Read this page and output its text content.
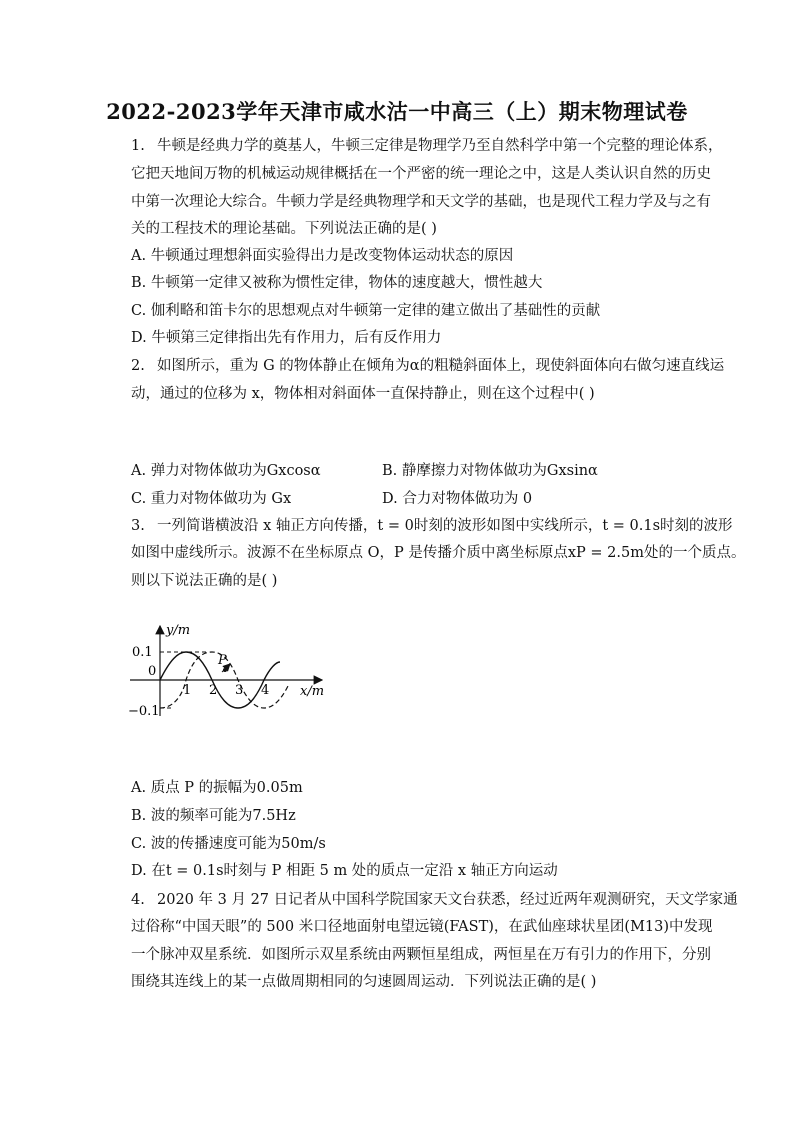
2022-2023学年天津市咸水沽一中高三（上）期末物理试卷
1. 牛顿是经典力学的奠基人，牛顿三定律是物理学乃至自然科学中第一个完整的理论体系，
它把天地间万物的机械运动规律概括在一个严密的统一理论之中，这是人类认识自然的历史
中第一次理论大综合。牛顿力学是经典物理学和天文学的基础，也是现代工程力学及与之有
关的工程技术的理论基础。下列说法正确的是( )
A. 牛顿通过理想斜面实验得出力是改变物体运动状态的原因
B. 牛顿第一定律又被称为惯性定律，物体的速度越大，惯性越大
C. 伽利略和笛卡尔的思想观点对牛顿第一定律的建立做出了基础性的贡献
D. 牛顿第三定律指出先有作用力，后有反作用力
2. 如图所示，重为 G 的物体静止在倾角为α的粗糙斜面体上，现使斜面体向右做匀速直线运
动，通过的位移为 x，物体相对斜面体一直保持静止，则在这个过程中( )
A. 弹力对物体做功为Gxcosα	B. 静摩擦力对物体做功为Gxsinα
C. 重力对物体做功为 Gx	D. 合力对物体做功为 0
3. 一列简谐横波沿 x 轴正方向传播，t = 0时刻的波形如图中实线所示，t = 0.1s时刻的波形
如图中虚线所示。波源不在坐标原点 O，P 是传播介质中离坐标原点xP = 2.5m处的一个质点。
则以下说法正确的是( )
y/m
x/m
0.1
−0.1
0
1 2 3 4
P
A. 质点 P 的振幅为0.05m
B. 波的频率可能为7.5Hz
C. 波的传播速度可能为50m/s
D. 在t = 0.1s时刻与 P 相距 5 m 处的质点一定沿 x 轴正方向运动
4. 2020 年 3 月 27 日记者从中国科学院国家天文台获悉，经过近两年观测研究，天文学家通
过俗称“中国天眼”的 500 米口径地面射电望远镜(FAST)，在武仙座球状星团(M13)中发现
一个脉冲双星系统．如图所示双星系统由两颗恒星组成，两恒星在万有引力的作用下，分别
围绕其连线上的某一点做周期相同的匀速圆周运动．下列说法正确的是( )
